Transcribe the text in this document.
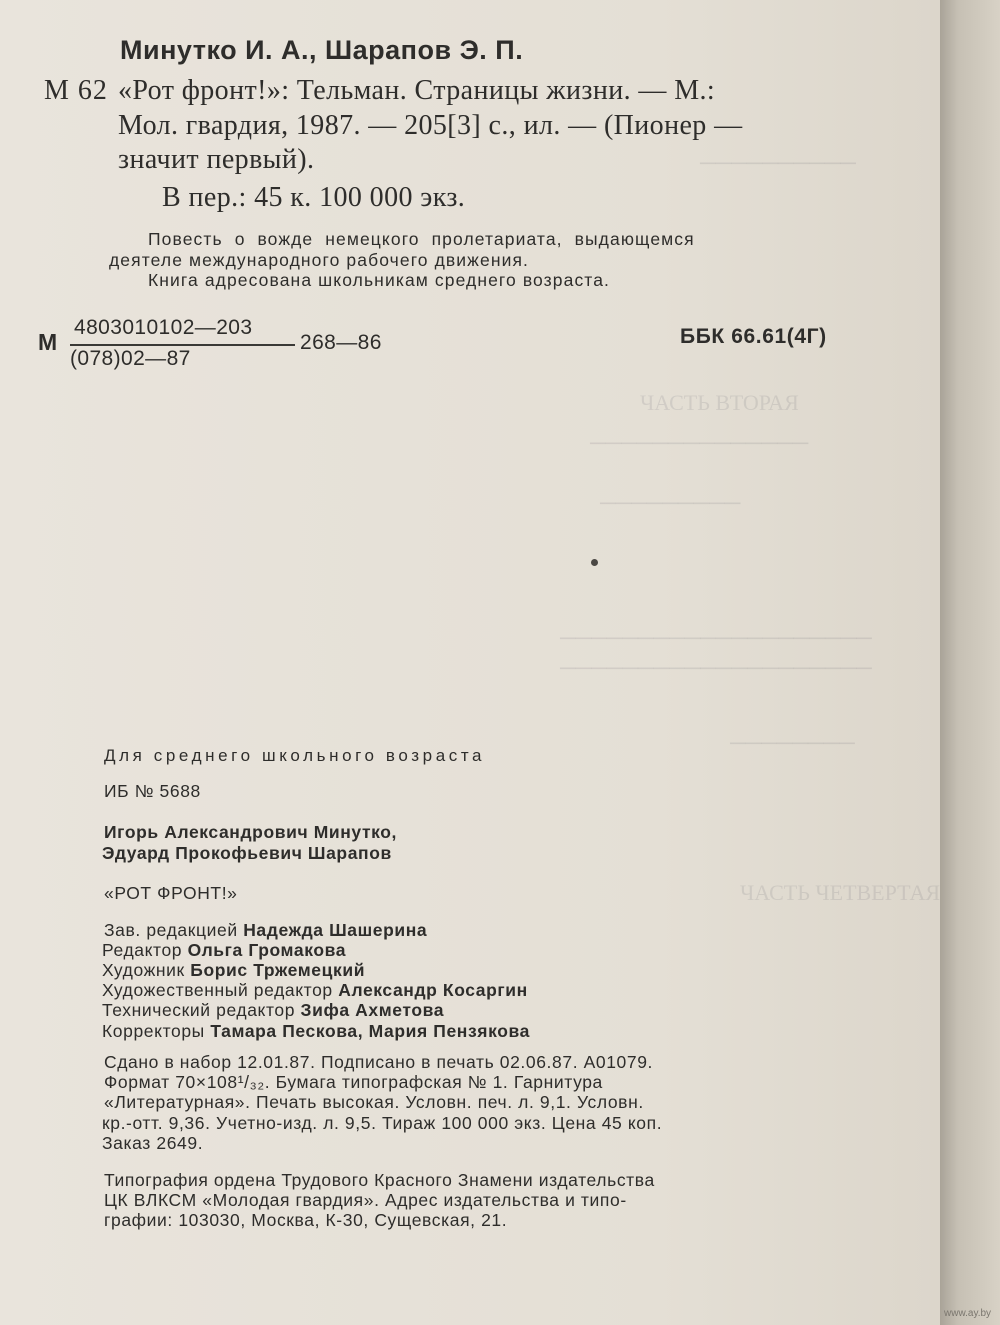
──────────
ЧАСТЬ ВТОРАЯ
──────────────
─────────
────────────────────
────────────────────
────────
ЧАСТЬ ЧЕТВЕРТАЯ
Минутко И. А., Шарапов Э. П.
М 62 «Рот фронт!»: Тельман. Страницы жизни. — М.:
Мол. гвардия, 1987. — 205[3] с., ил. — (Пионер —
значит первый).
В пер.: 45 к. 100 000 экз.
Повесть о вожде немецкого пролетариата, выдающемся
деятеле международного рабочего движения.
Книга адресована школьникам среднего возраста.
М
4803010102—203
(078)02—87
268—86	ББК 66.61(4Г)
Для среднего школьного возраста
ИБ № 5688
Игорь Александрович Минутко,
Эдуард Прокофьевич Шарапов
«РОТ ФРОНТ!»
Зав. редакцией Надежда Шашерина
Редактор Ольга Громакова
Художник Борис Тржемецкий
Художественный редактор Александр Косаргин
Технический редактор Зифа Ахметова
Корректоры Тамара Пескова, Мария Пензякова
Сдано в набор 12.01.87. Подписано в печать 02.06.87. А01079.
Формат 70×108¹/₃₂. Бумага типографская № 1. Гарнитура
«Литературная». Печать высокая. Условн. печ. л. 9,1. Условн.
кр.-отт. 9,36. Учетно-изд. л. 9,5. Тираж 100 000 экз. Цена 45 коп.
Заказ 2649.
Типография ордена Трудового Красного Знамени издательства
ЦК ВЛКСМ «Молодая гвардия». Адрес издательства и типо-
графии: 103030, Москва, К-30, Сущевская, 21.
www.ay.by
